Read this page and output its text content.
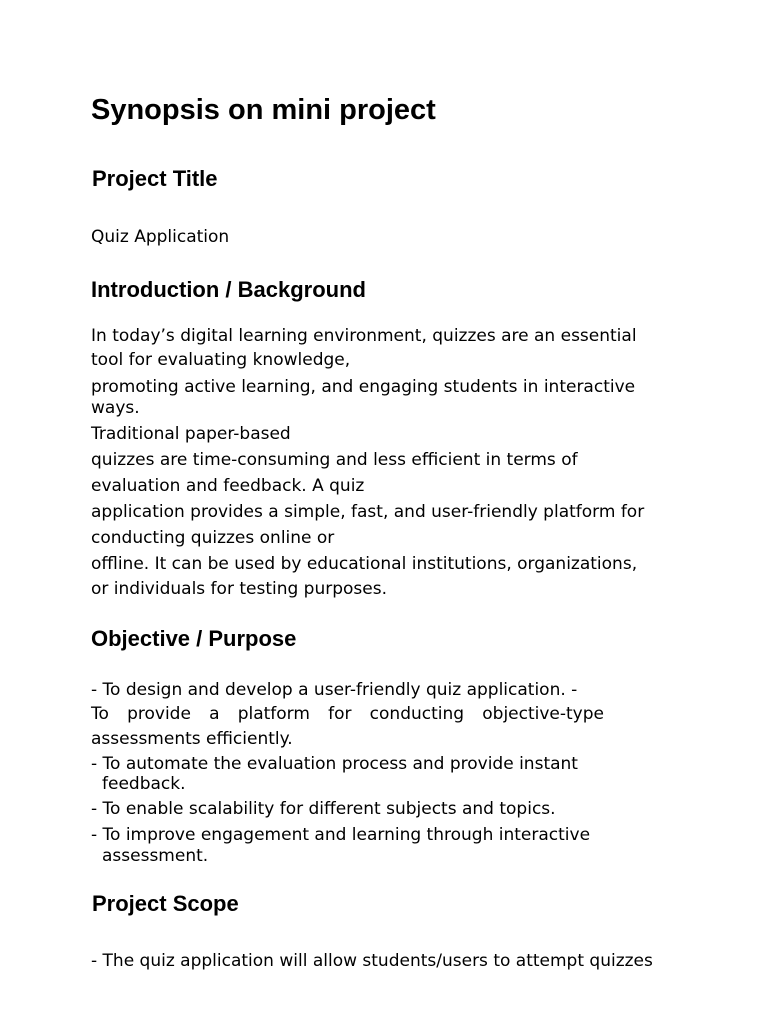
Synopsis on mini project
Project Title

Quiz Application

Introduction / Background

In today’s digital learning environment, quizzes are an essential

tool for evaluating knowledge,

promoting active learning, and engaging students in interactive

ways.

Traditional paper-based

quizzes are time-consuming and less efficient in terms of

evaluation and feedback. A quiz

application provides a simple, fast, and user-friendly platform for

conducting quizzes online or

offline. It can be used by educational institutions, organizations,

or individuals for testing purposes.

Objective / Purpose

- To design and develop a user-friendly quiz application. -

To provide a platform for conducting objective-type

assessments efficiently.

- To automate the evaluation process and provide instant

feedback.

- To enable scalability for different subjects and topics.

- To improve engagement and learning through interactive

assessment.

Project Scope

- The quiz application will allow students/users to attempt quizzes
